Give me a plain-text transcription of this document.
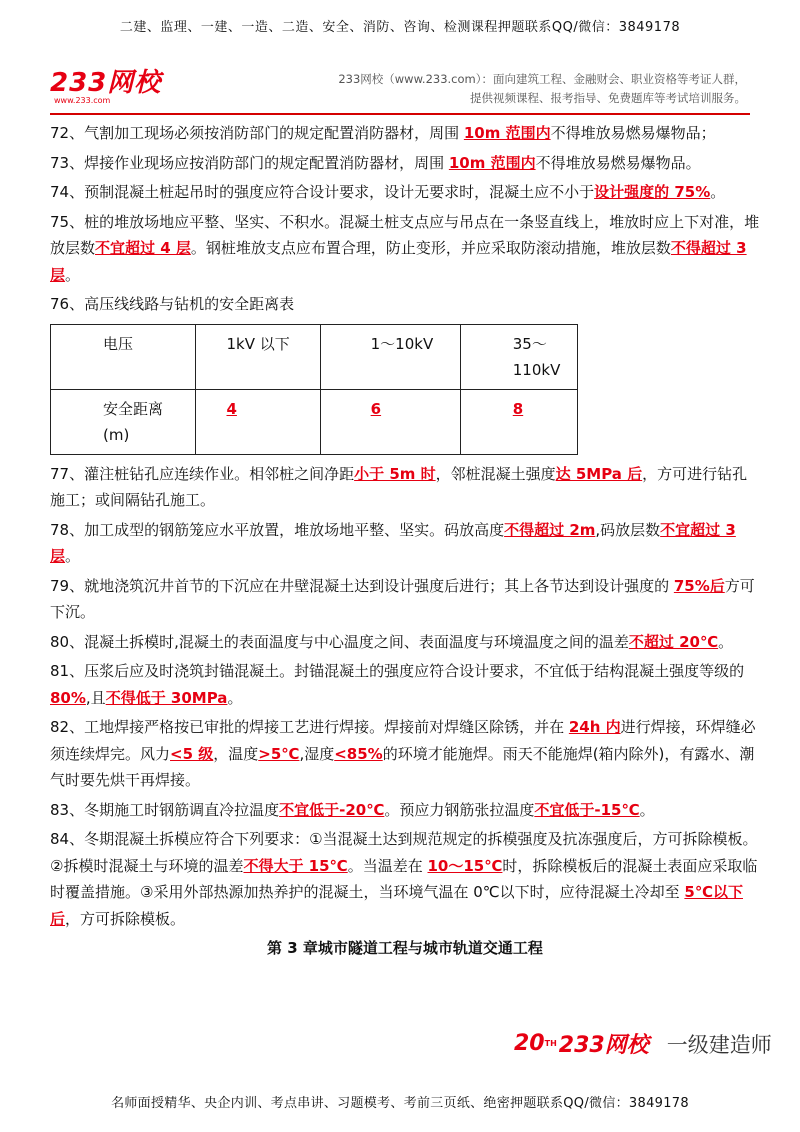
二建、监理、一建、一造、二造、安全、消防、咨询、检测课程押题联系QQ/微信：3849178
233网校
www.233.com
233网校（www.233.com）：面向建筑工程、金融财会、职业资格等考证人群，
提供视频课程、报考指导、免费题库等考试培训服务。

72、气割加工现场必须按消防部门的规定配置消防器材，周围 10m 范围内不得堆放易燃易爆物品；

73、焊接作业现场应按消防部门的规定配置消防器材，周围 10m 范围内不得堆放易燃易爆物品。

74、预制混凝土桩起吊时的强度应符合设计要求，设计无要求时，混凝土应不小于设计强度的 75%。

75、桩的堆放场地应平整、坚实、不积水。混凝土桩支点应与吊点在一条竖直线上，堆放时应上下对准，堆放层数不宜超过 4 层。钢桩堆放支点应布置合理，防止变形，并应采取防滚动措施，堆放层数不得超过 3 层。

76、高压线线路与钻机的安全距离表

电压	1kV 以下	1～10kV	35～110kV
安全距离(m)	4	6	8

77、灌注桩钻孔应连续作业。相邻桩之间净距小于 5m 时，邻桩混凝土强度达 5MPa 后，方可进行钻孔施工；或间隔钻孔施工。

78、加工成型的钢筋笼应水平放置，堆放场地平整、坚实。码放高度不得超过 2m,码放层数不宜超过 3 层。

79、就地浇筑沉井首节的下沉应在井壁混凝土达到设计强度后进行；其上各节达到设计强度的 75%后方可下沉。

80、混凝土拆模时,混凝土的表面温度与中心温度之间、表面温度与环境温度之间的温差不超过 20℃。

81、压浆后应及时浇筑封锚混凝土。封锚混凝土的强度应符合设计要求，不宜低于结构混凝土强度等级的 80%,且不得低于 30MPa。

82、工地焊接严格按已审批的焊接工艺进行焊接。焊接前对焊缝区除锈，并在 24h 内进行焊接，环焊缝必须连续焊完。风力<5 级，温度>5℃,湿度<85%的环境才能施焊。雨天不能施焊(箱内除外)，有露水、潮气时要先烘干再焊接。

83、冬期施工时钢筋调直冷拉温度不宜低于-20℃。预应力钢筋张拉温度不宜低于-15℃。

84、冬期混凝土拆模应符合下列要求：①当混凝土达到规范规定的拆模强度及抗冻强度后，方可拆除模板。②拆模时混凝土与环境的温差不得大于 15℃。当温差在 10～15℃时，拆除模板后的混凝土表面应采取临时覆盖措施。③采用外部热源加热养护的混凝土，当环境气温在 0℃以下时，应待混凝土冷却至 5℃以下后，方可拆除模板。

第 3 章城市隧道工程与城市轨道交通工程

20 TH 233网校 一级建造师
名师面授精华、央企内训、考点串讲、习题模考、考前三页纸、绝密押题联系QQ/微信：3849178
